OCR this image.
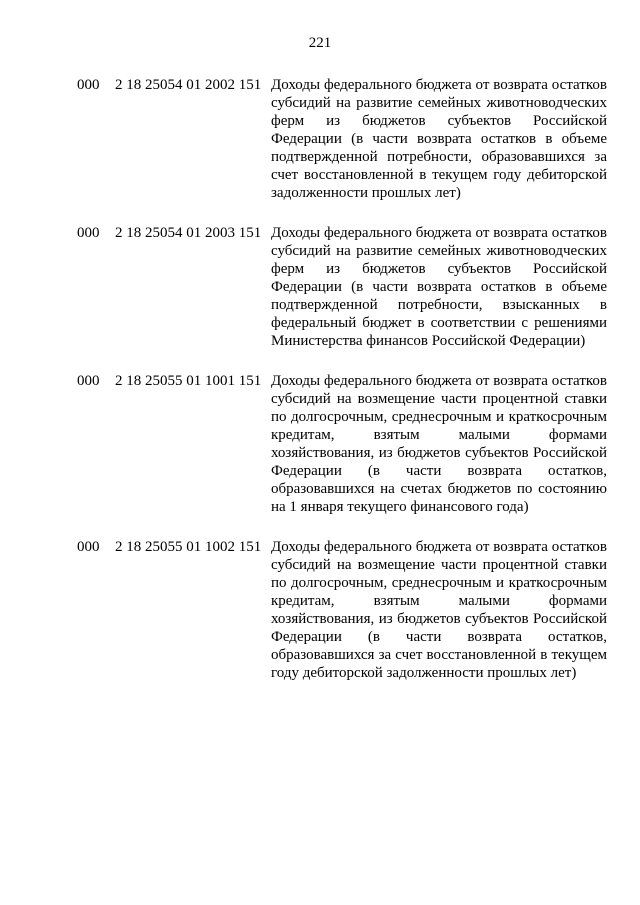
221
000 2 18 25054 01 2002 151 Доходы федерального бюджета от возврата остатков субсидий на развитие семейных животноводческих ферм из бюджетов субъектов Российской Федерации (в части возврата остатков в объеме подтвержденной потребности, образовавшихся за счет восстановленной в текущем году дебиторской задолженности прошлых лет)
000 2 18 25054 01 2003 151 Доходы федерального бюджета от возврата остатков субсидий на развитие семейных животноводческих ферм из бюджетов субъектов Российской Федерации (в части возврата остатков в объеме подтвержденной потребности, взысканных в федеральный бюджет в соответствии с решениями Министерства финансов Российской Федерации)
000 2 18 25055 01 1001 151 Доходы федерального бюджета от возврата остатков субсидий на возмещение части процентной ставки по долгосрочным, среднесрочным и краткосрочным кредитам, взятым малыми формами хозяйствования, из бюджетов субъектов Российской Федерации (в части возврата остатков, образовавшихся на счетах бюджетов по состоянию на 1 января текущего финансового года)
000 2 18 25055 01 1002 151 Доходы федерального бюджета от возврата остатков субсидий на возмещение части процентной ставки по долгосрочным, среднесрочным и краткосрочным кредитам, взятым малыми формами хозяйствования, из бюджетов субъектов Российской Федерации (в части возврата остатков, образовавшихся за счет восстановленной в текущем году дебиторской задолженности прошлых лет)
